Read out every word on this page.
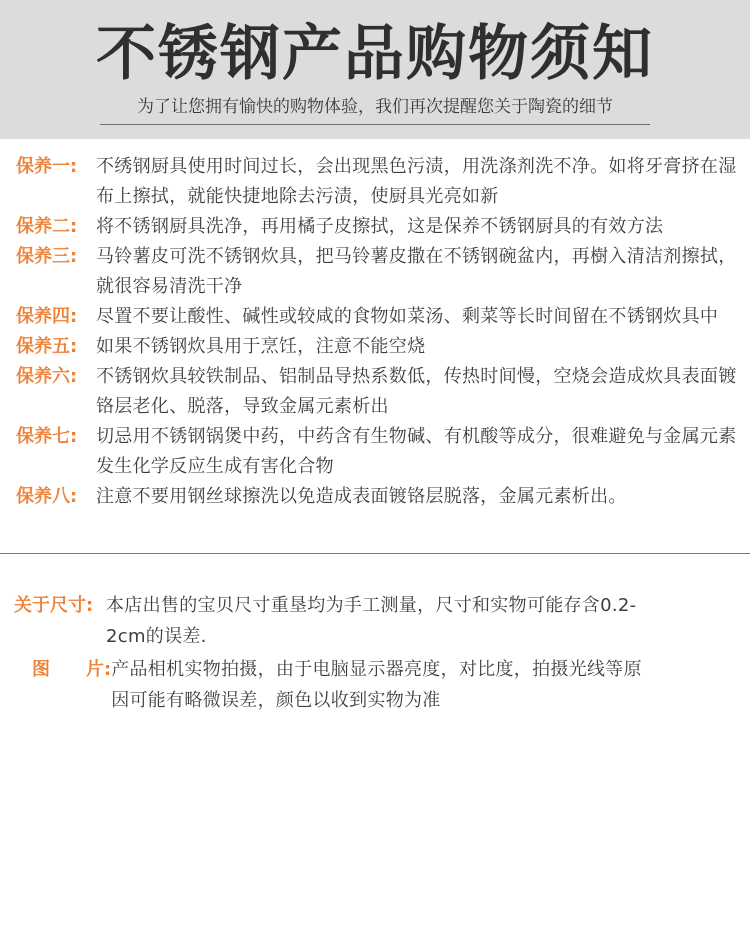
不锈钢产品购物须知
为了让您拥有愉快的购物体验，我们再次提醒您关于陶瓷的细节
保养一:	不绣钢厨具使用时间过长，会出现黑色污渍，用洗涤剂洗不净。如将牙膏挤在湿布上擦拭，就能快捷地除去污渍，使厨具光亮如新
保养二:	将不锈钢厨具洗净，再用橘子皮擦拭，这是保养不锈钢厨具的有效方法
保养三:	马铃薯皮可洗不锈钢炊具，把马铃薯皮撒在不锈钢碗盆内，再樹入清洁剂擦拭，就很容易清洗干净
保养四:	尽置不要让酸性、碱性或较咸的食物如菜汤、剩菜等长时间留在不锈钢炊具中
保养五:	如果不锈钢炊具用于烹饪，注意不能空烧
保养六:	不锈钢炊具较铁制品、铝制品导热系数低，传热时间慢，空烧会造成炊具表面镀铬层老化、脱落，导致金属元素析出
保养七:	切忌用不锈钢锅煲中药，中药含有生物碱、有机酸等成分，很难避免与金属元素发生化学反应生成有害化合物
保养八:	注意不要用钢丝球擦洗以免造成表面镀铬层脱落，金属元素析出。
关于尺寸: 本店出售的宝贝尺寸重垦均为手工测量，尺寸和实物可能存含0.2-2cm的误差.
图　　片: 产品相机实物拍摄，由于电脑显示器亮度，对比度，拍摄光线等原因可能有略微误差，颜色以收到实物为准
